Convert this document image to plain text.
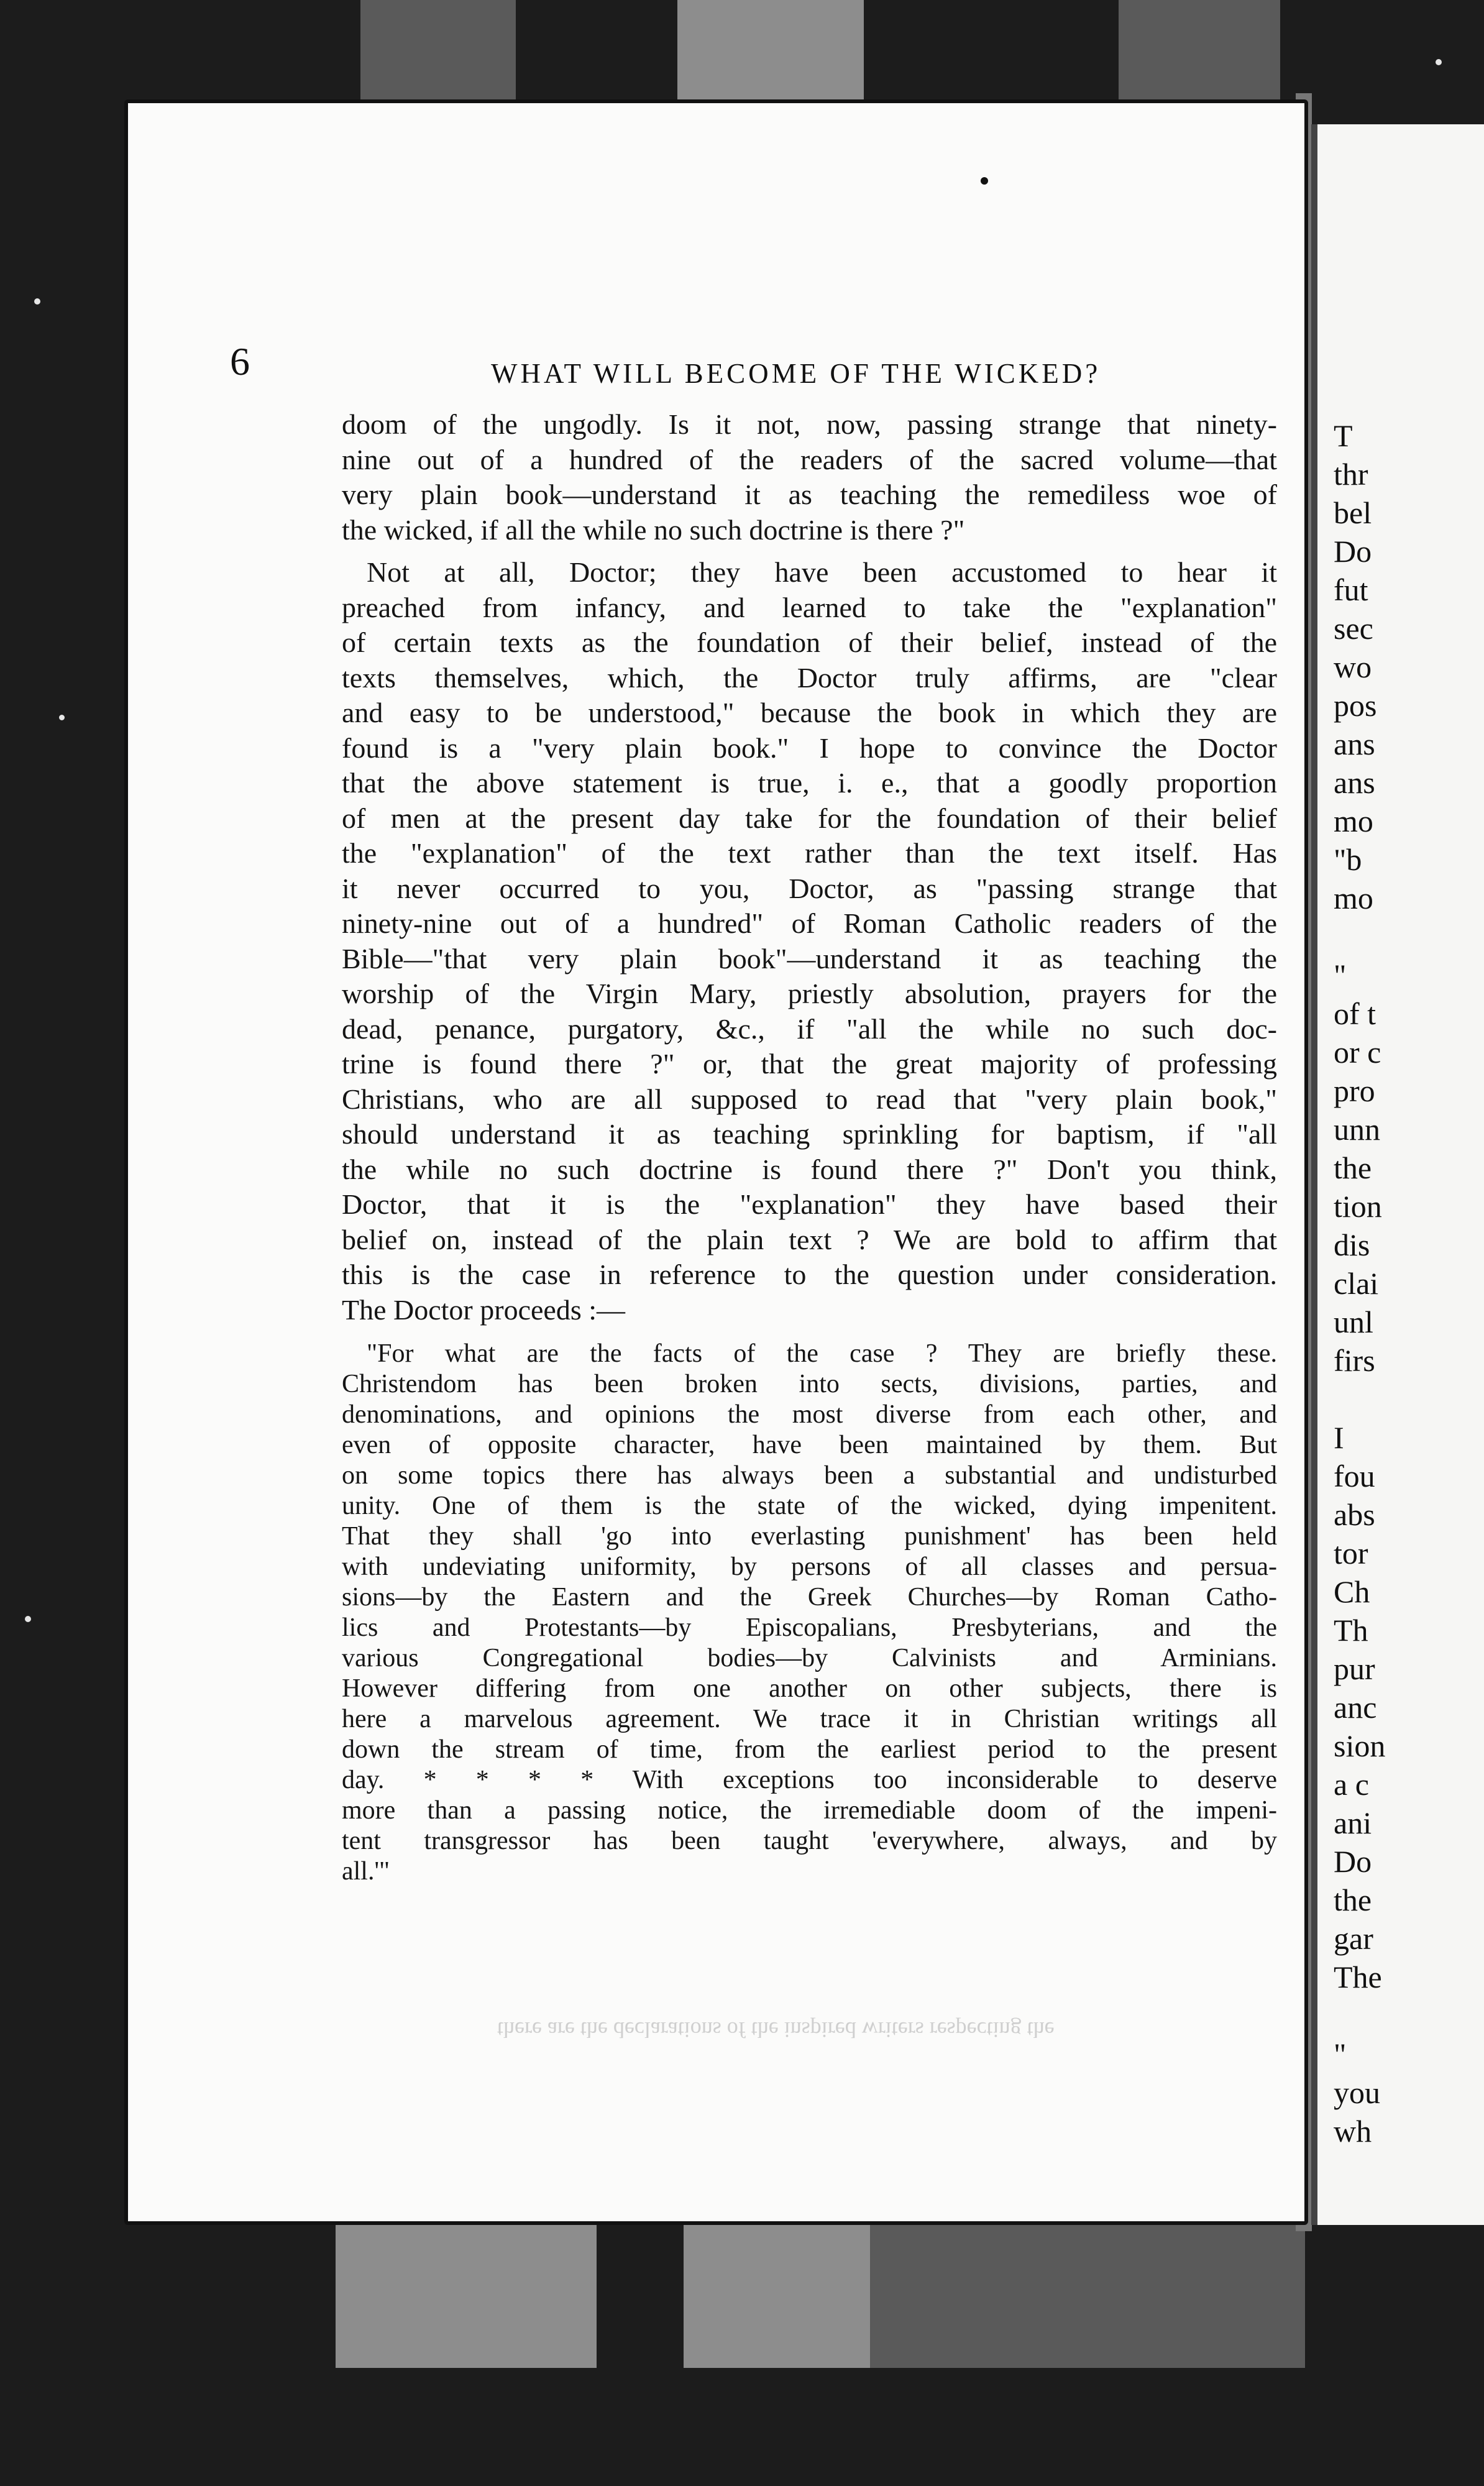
T
thr
bel
Do
fut
sec
wo
pos
ans
ans
mo
"b
mo

"
of t
or c
pro
unn
the
tion
dis
clai
unl
firs

I
fou
abs
tor
Ch
Th
pur
anc
sion
a c
ani
Do
the
gar
The

"
you
wh
6	WHAT WILL BECOME OF THE WICKED?
doom of the ungodly. Is it not, now, passing strange that ninety-
nine out of a hundred of the readers of the sacred volume—that
very plain book—understand it as teaching the remediless woe of
the wicked, if all the while no such doctrine is there ?"
Not at all, Doctor; they have been accustomed to hear it
preached from infancy, and learned to take the "explanation"
of certain texts as the foundation of their belief, instead of the
texts themselves, which, the Doctor truly affirms, are "clear
and easy to be understood," because the book in which they are
found is a "very plain book." I hope to convince the Doctor
that the above statement is true, i. e., that a goodly proportion
of men at the present day take for the foundation of their belief
the "explanation" of the text rather than the text itself. Has
it never occurred to you, Doctor, as "passing strange that
ninety-nine out of a hundred" of Roman Catholic readers of the
Bible—"that very plain book"—understand it as teaching the
worship of the Virgin Mary, priestly absolution, prayers for the
dead, penance, purgatory, &c., if "all the while no such doc-
trine is found there ?" or, that the great majority of professing
Christians, who are all supposed to read that "very plain book,"
should understand it as teaching sprinkling for baptism, if "all
the while no such doctrine is found there ?" Don't you think,
Doctor, that it is the "explanation" they have based their
belief on, instead of the plain text ? We are bold to affirm that
this is the case in reference to the question under consideration.
The Doctor proceeds :—
"For what are the facts of the case ? They are briefly these.
Christendom has been broken into sects, divisions, parties, and
denominations, and opinions the most diverse from each other, and
even of opposite character, have been maintained by them. But
on some topics there has always been a substantial and undisturbed
unity. One of them is the state of the wicked, dying impenitent.
That they shall 'go into everlasting punishment' has been held
with undeviating uniformity, by persons of all classes and persua-
sions—by the Eastern and the Greek Churches—by Roman Catho-
lics and Protestants—by Episcopalians, Presbyterians, and the
various Congregational bodies—by Calvinists and Arminians.
However differing from one another on other subjects, there is
here a marvelous agreement. We trace it in Christian writings all
down the stream of time, from the earliest period to the present
day. * * * * With exceptions too inconsiderable to deserve
more than a passing notice, the irremediable doom of the impeni-
tent transgressor has been taught 'everywhere, always, and by
all.'"
there are the declarations of the inspired writers respecting the
